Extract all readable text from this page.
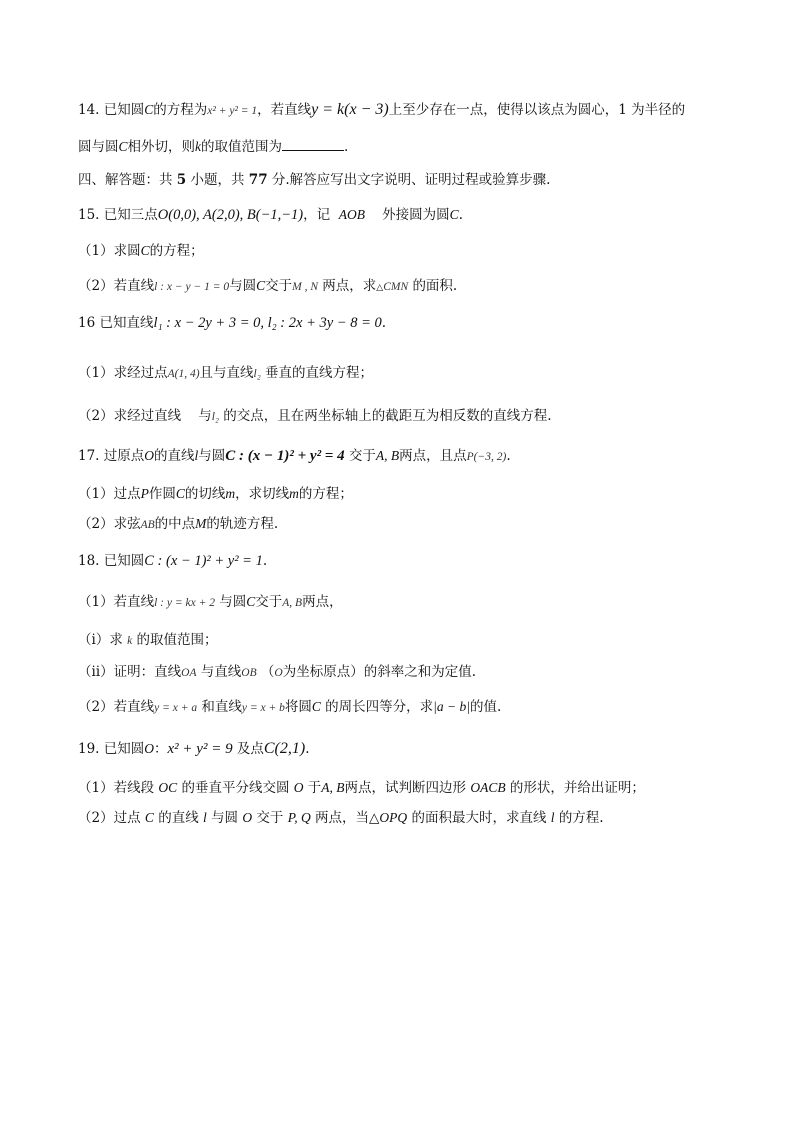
14. 已知圆C的方程为x² + y² = 1，若直线y = k(x − 3)上至少存在一点，使得以该点为圆心，1 为半径的
圆与圆C相外切，则k的取值范围为	.
四、解答题：共 5 小题，共 77 分.解答应写出文字说明、证明过程或验算步骤.
15. 已知三点O(0,0), A(2,0), B(−1,−1)，记 AOB 外接圆为圆C.
（1）求圆C的方程；
（2）若直线l : x − y − 1 = 0与圆C交于M , N 两点，求△CMN 的面积.
16 已知直线l₁ : x − 2y + 3 = 0, l₂ : 2x + 3y − 8 = 0.
（1）求经过点A(1, 4)且与直线l₂ 垂直的直线方程；
（2）求经过直线 与l₂ 的交点，且在两坐标轴上的截距互为相反数的直线方程.
17. 过原点O的直线l与圆C : (x − 1)² + y² = 4 交于A, B两点，且点P(−3, 2).
（1）过点P作圆C的切线m，求切线m的方程；
（2）求弦AB的中点M的轨迹方程.
18. 已知圆C : (x − 1)² + y² = 1.
（1）若直线l : y = kx + 2 与圆C交于A, B两点，
（ⅰ）求 k 的取值范围；
（ⅱ）证明：直线OA 与直线OB （O为坐标原点）的斜率之和为定值.
（2）若直线y = x + a 和直线y = x + b将圆C 的周长四等分，求|a − b|的值.
19. 已知圆O：x² + y² = 9 及点C(2,1).
（1）若线段 OC 的垂直平分线交圆 O 于A, B两点，试判断四边形 OACB 的形状，并给出证明；
（2）过点 C 的直线 l 与圆 O 交于 P, Q 两点，当△OPQ 的面积最大时，求直线 l 的方程.
